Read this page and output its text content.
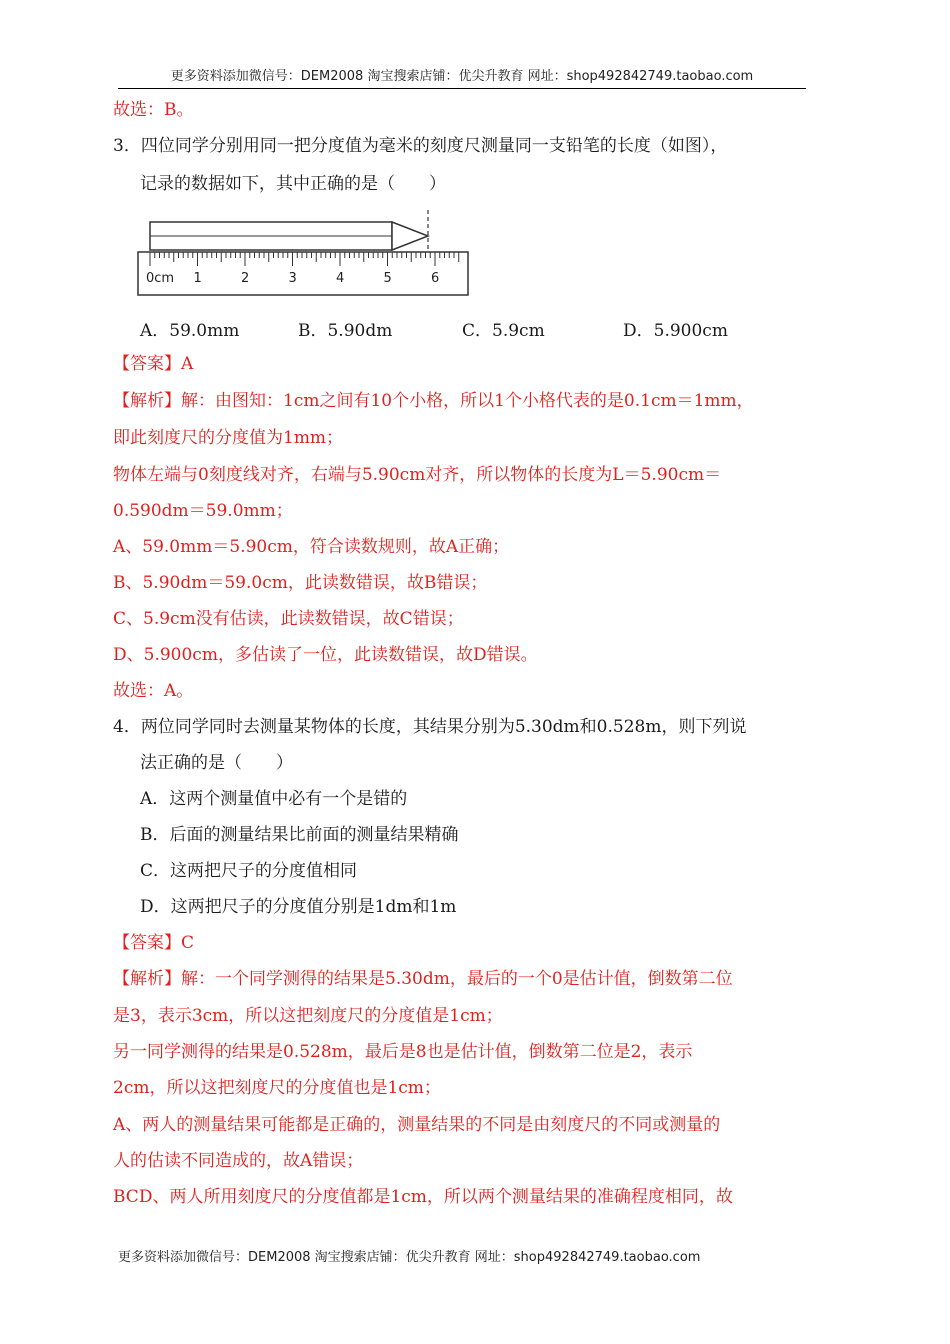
更多资料添加微信号：DEM2008 淘宝搜索店铺：优尖升教育 网址：shop492842749.taobao.com
故选：B。
3．四位同学分别用同一把分度值为毫米的刻度尺测量同一支铅笔的长度（如图），
记录的数据如下，其中正确的是（　　）
0cm 1	2	3	4	5	6
A．59.0mm	B．5.90dm	C．5.9cm	D．5.900cm
【答案】A
【解析】解：由图知：1cm之间有10个小格，所以1个小格代表的是0.1cm＝1mm，
即此刻度尺的分度值为1mm；
物体左端与0刻度线对齐，右端与5.90cm对齐，所以物体的长度为L＝5.90cm＝
0.590dm＝59.0mm；
A、59.0mm＝5.90cm，符合读数规则，故A正确；
B、5.90dm＝59.0cm，此读数错误，故B错误；
C、5.9cm没有估读，此读数错误，故C错误；
D、5.900cm，多估读了一位，此读数错误，故D错误。
故选：A。
4．两位同学同时去测量某物体的长度，其结果分别为5.30dm和0.528m，则下列说
法正确的是（　　）
A．这两个测量值中必有一个是错的
B．后面的测量结果比前面的测量结果精确
C．这两把尺子的分度值相同
D．这两把尺子的分度值分别是1dm和1m
【答案】C
【解析】解：一个同学测得的结果是5.30dm，最后的一个0是估计值，倒数第二位
是3，表示3cm，所以这把刻度尺的分度值是1cm；
另一同学测得的结果是0.528m，最后是8也是估计值，倒数第二位是2，表示
2cm，所以这把刻度尺的分度值也是1cm；
A、两人的测量结果可能都是正确的，测量结果的不同是由刻度尺的不同或测量的
人的估读不同造成的，故A错误；
BCD、两人所用刻度尺的分度值都是1cm，所以两个测量结果的准确程度相同，故
更多资料添加微信号：DEM2008 淘宝搜索店铺：优尖升教育 网址：shop492842749.taobao.com
